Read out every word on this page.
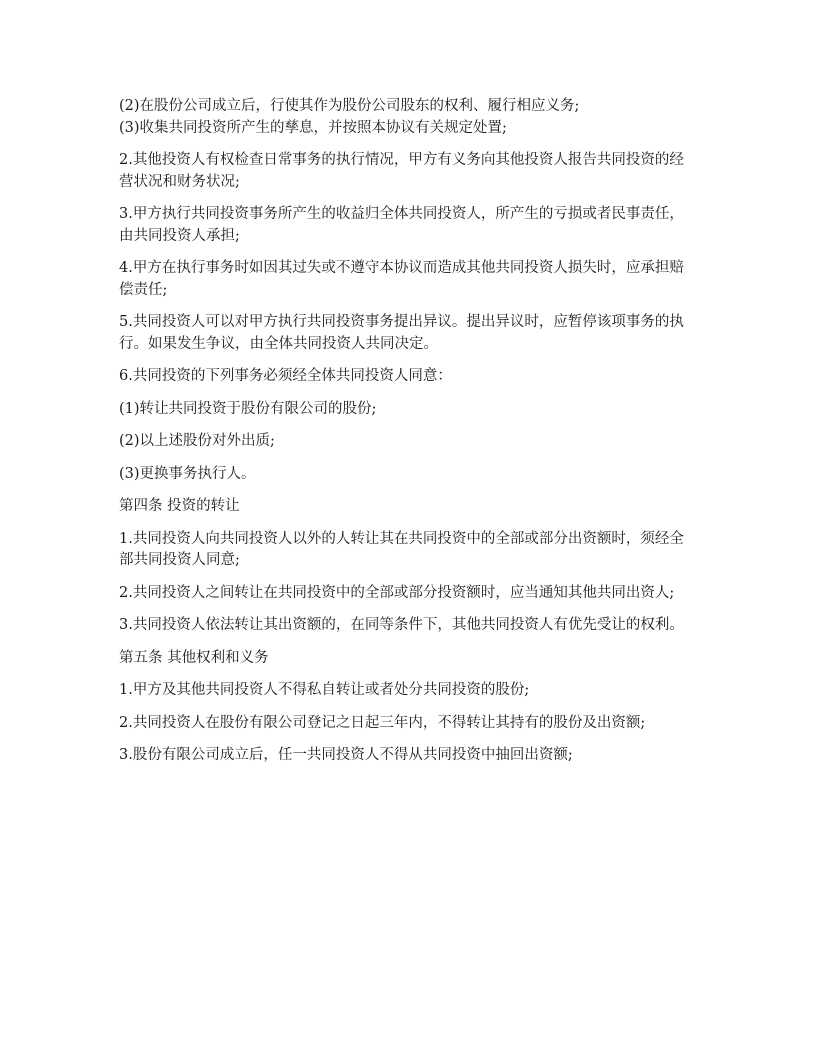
(2)在股份公司成立后，行使其作为股份公司股东的权利、履行相应义务;

(3)收集共同投资所产生的孳息，并按照本协议有关规定处置;

2.其他投资人有权检查日常事务的执行情况，甲方有义务向其他投资人报告共同投资的经营状况和财务状况;

3.甲方执行共同投资事务所产生的收益归全体共同投资人，所产生的亏损或者民事责任，由共同投资人承担;

4.甲方在执行事务时如因其过失或不遵守本协议而造成其他共同投资人损失时，应承担赔偿责任;

5.共同投资人可以对甲方执行共同投资事务提出异议。提出异议时，应暂停该项事务的执行。如果发生争议，由全体共同投资人共同决定。

6.共同投资的下列事务必须经全体共同投资人同意：

(1)转让共同投资于股份有限公司的股份;

(2)以上述股份对外出质;

(3)更换事务执行人。

第四条 投资的转让

1.共同投资人向共同投资人以外的人转让其在共同投资中的全部或部分出资额时，须经全部共同投资人同意;

2.共同投资人之间转让在共同投资中的全部或部分投资额时，应当通知其他共同出资人;

3.共同投资人依法转让其出资额的，在同等条件下，其他共同投资人有优先受让的权利。

第五条 其他权利和义务

1.甲方及其他共同投资人不得私自转让或者处分共同投资的股份;

2.共同投资人在股份有限公司登记之日起三年内，不得转让其持有的股份及出资额;

3.股份有限公司成立后，任一共同投资人不得从共同投资中抽回出资额;
